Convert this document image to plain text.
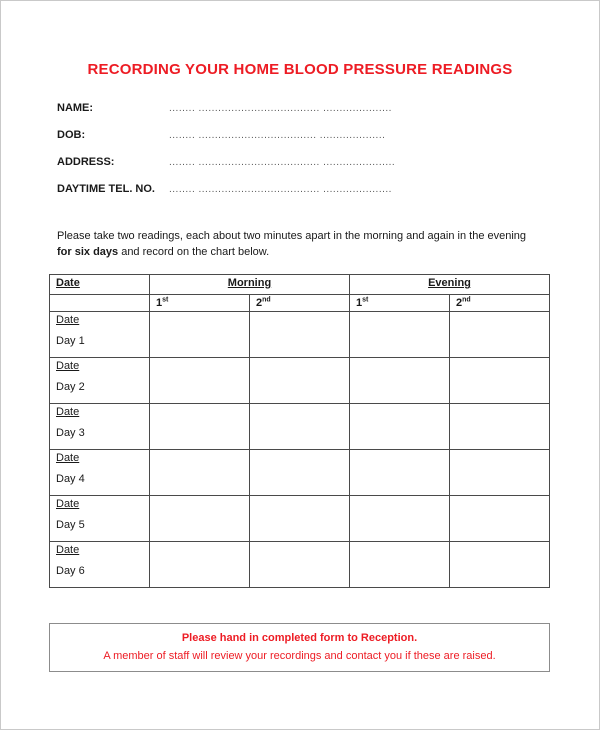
RECORDING YOUR HOME BLOOD PRESSURE READINGS
NAME:	........ ..................................... .....................
DOB:	........ .................................... ....................
ADDRESS:	........ ..................................... ......................
DAYTIME TEL. NO.	........ ..................................... .....................

Please take two readings, each about two minutes apart in the morning and again in the evening
for six days and record on the chart below.

Date	Morning		Evening	
	1st	2nd	1st	2nd

Date
Day 1				

Date
Day 2				

Date
Day 3				

Date
Day 4				

Date
Day 5				

Date
Day 6				

Please hand in completed form to Reception.
A member of staff will review your recordings and contact you if these are raised.
